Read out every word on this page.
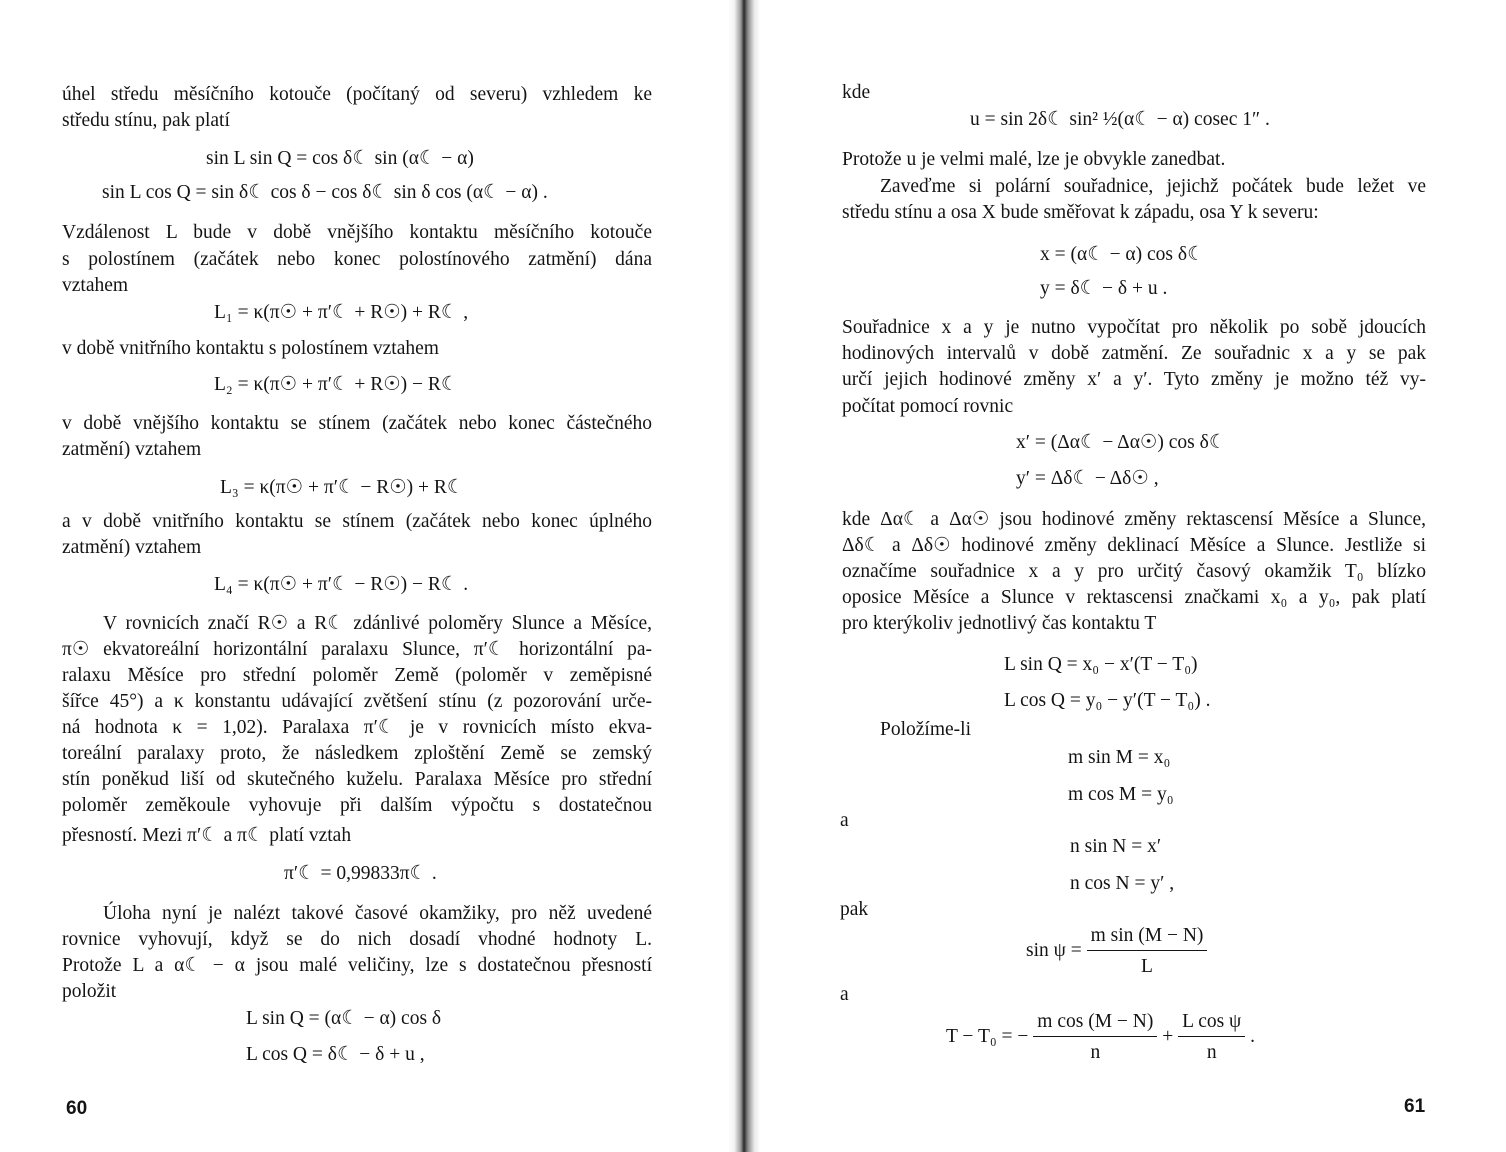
úhel středu měsíčního kotouče (počítaný od severu) vzhledem ke
středu stínu, pak platí
sin L sin Q = cos δ☾ sin (α☾ − α)
sin L cos Q = sin δ☾ cos δ − cos δ☾ sin δ cos (α☾ − α) .
Vzdálenost L bude v době vnějšího kontaktu měsíčního kotouče
s polostínem (začátek nebo konec polostínového zatmění) dána
vztahem
L₁ = κ(π☉ + π′☾ + R☉) + R☾ ,
v době vnitřního kontaktu s polostínem vztahem
L₂ = κ(π☉ + π′☾ + R☉) − R☾
v době vnějšího kontaktu se stínem (začátek nebo konec částečného
zatmění) vztahem
L₃ = κ(π☉ + π′☾ − R☉) + R☾
a v době vnitřního kontaktu se stínem (začátek nebo konec úplného
zatmění) vztahem
L₄ = κ(π☉ + π′☾ − R☉) − R☾ .
V rovnicích značí R☉ a R☾ zdánlivé poloměry Slunce a Měsíce,
π☉ ekvatoreální horizontální paralaxu Slunce, π′☾ horizontální pa-
ralaxu Měsíce pro střední poloměr Země (poloměr v zeměpisné
šířce 45°) a κ konstantu udávající zvětšení stínu (z pozorování urče-
ná hodnota κ = 1,02). Paralaxa π′☾ je v rovnicích místo ekva-
toreální paralaxy proto, že následkem zploštění Země se zemský
stín poněkud liší od skutečného kuželu. Paralaxa Měsíce pro střední
poloměr zeměkoule vyhovuje při dalším výpočtu s dostatečnou
přesností. Mezi π′☾ a π☾ platí vztah
π′☾ = 0,99833π☾ .
Úloha nyní je nalézt takové časové okamžiky, pro něž uvedené
rovnice vyhovují, když se do nich dosadí vhodné hodnoty L.
Protože L a α☾ − α jsou malé veličiny, lze s dostatečnou přesností
položit
L sin Q = (α☾ − α) cos δ
L cos Q = δ☾ − δ + u ,
60
kde
u = sin 2δ☾ sin² ½(α☾ − α) cosec 1″ .
Protože u je velmi malé, lze je obvykle zanedbat.
Zaveďme si polární souřadnice, jejichž počátek bude ležet ve
středu stínu a osa X bude směřovat k západu, osa Y k severu:
x = (α☾ − α) cos δ☾
y = δ☾ − δ + u .
Souřadnice x a y je nutno vypočítat pro několik po sobě jdoucích
hodinových intervalů v době zatmění. Ze souřadnic x a y se pak
určí jejich hodinové změny x′ a y′. Tyto změny je možno též vy-
počítat pomocí rovnic
x′ = (Δα☾ − Δα☉) cos δ☾
y′ = Δδ☾ − Δδ☉ ,
kde Δα☾ a Δα☉ jsou hodinové změny rektascensí Měsíce a Slunce,
Δδ☾ a Δδ☉ hodinové změny deklinací Měsíce a Slunce. Jestliže si
označíme souřadnice x a y pro určitý časový okamžik T₀ blízko
oposice Měsíce a Slunce v rektascensi značkami x₀ a y₀, pak platí
pro kterýkoliv jednotlivý čas kontaktu T
L sin Q = x₀ − x′(T − T₀)
L cos Q = y₀ − y′(T − T₀) .
Položíme-li
m sin M = x₀
m cos M = y₀
a
n sin N = x′
n cos N = y′ ,
pak
$\sin \psi = \frac{\text{m sin (M − N)}}{L}$
a
T − T₀ = − $\frac{\text{m cos (M − N)}}{n} + \frac{\text{L cos ψ}}{n}$ .
61
